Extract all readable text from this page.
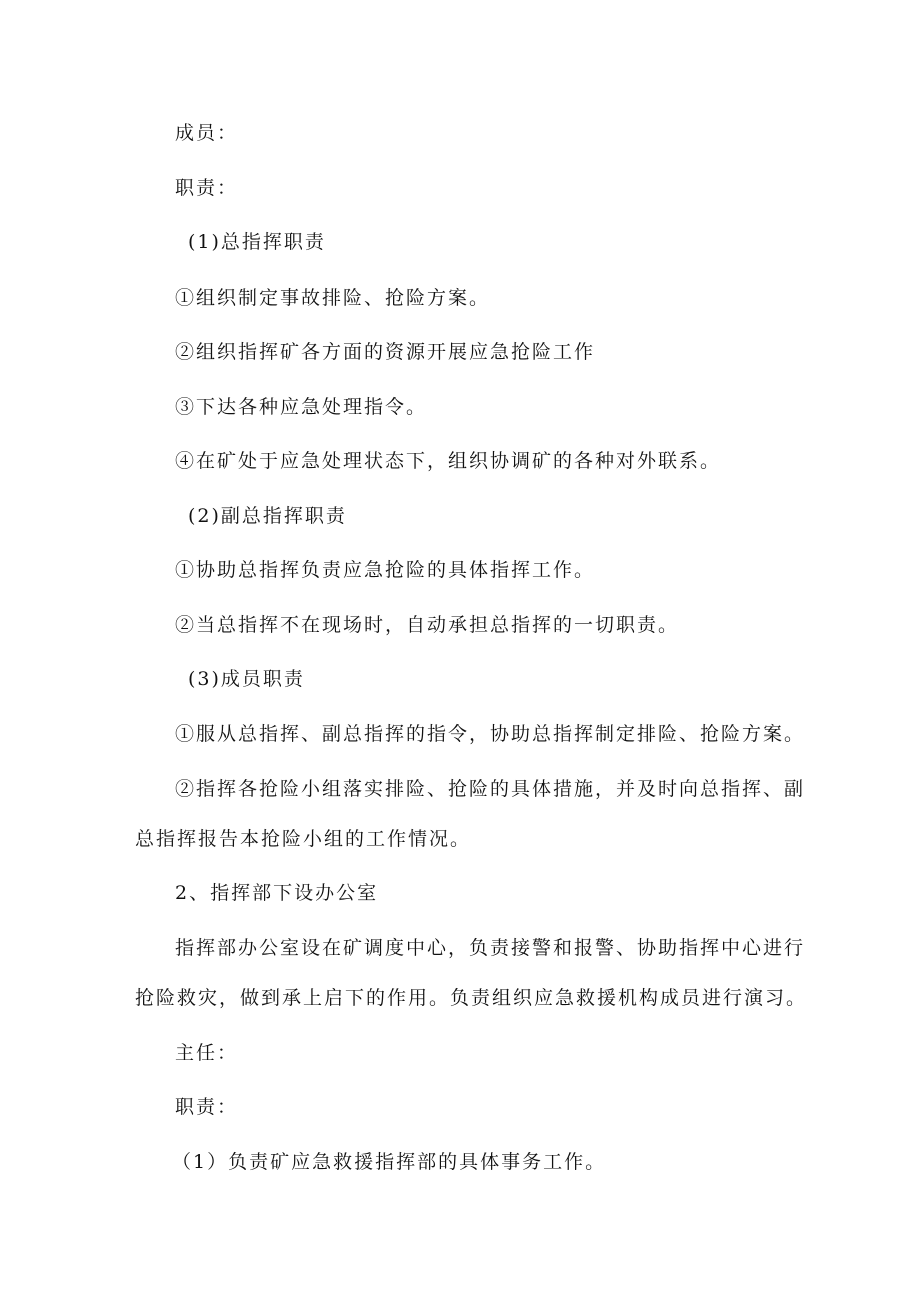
成员：
职责：
(1)总指挥职责
①组织制定事故排险、抢险方案。
②组织指挥矿各方面的资源开展应急抢险工作
③下达各种应急处理指令。
④在矿处于应急处理状态下，组织协调矿的各种对外联系。
(2)副总指挥职责
①协助总指挥负责应急抢险的具体指挥工作。
②当总指挥不在现场时，自动承担总指挥的一切职责。
(3)成员职责
①服从总指挥、副总指挥的指令，协助总指挥制定排险、抢险方案。
②指挥各抢险小组落实排险、抢险的具体措施，并及时向总指挥、副
总指挥报告本抢险小组的工作情况。
2、指挥部下设办公室
指挥部办公室设在矿调度中心，负责接警和报警、协助指挥中心进行
抢险救灾，做到承上启下的作用。负责组织应急救援机构成员进行演习。
主任：
职责：
（1）负责矿应急救援指挥部的具体事务工作。
